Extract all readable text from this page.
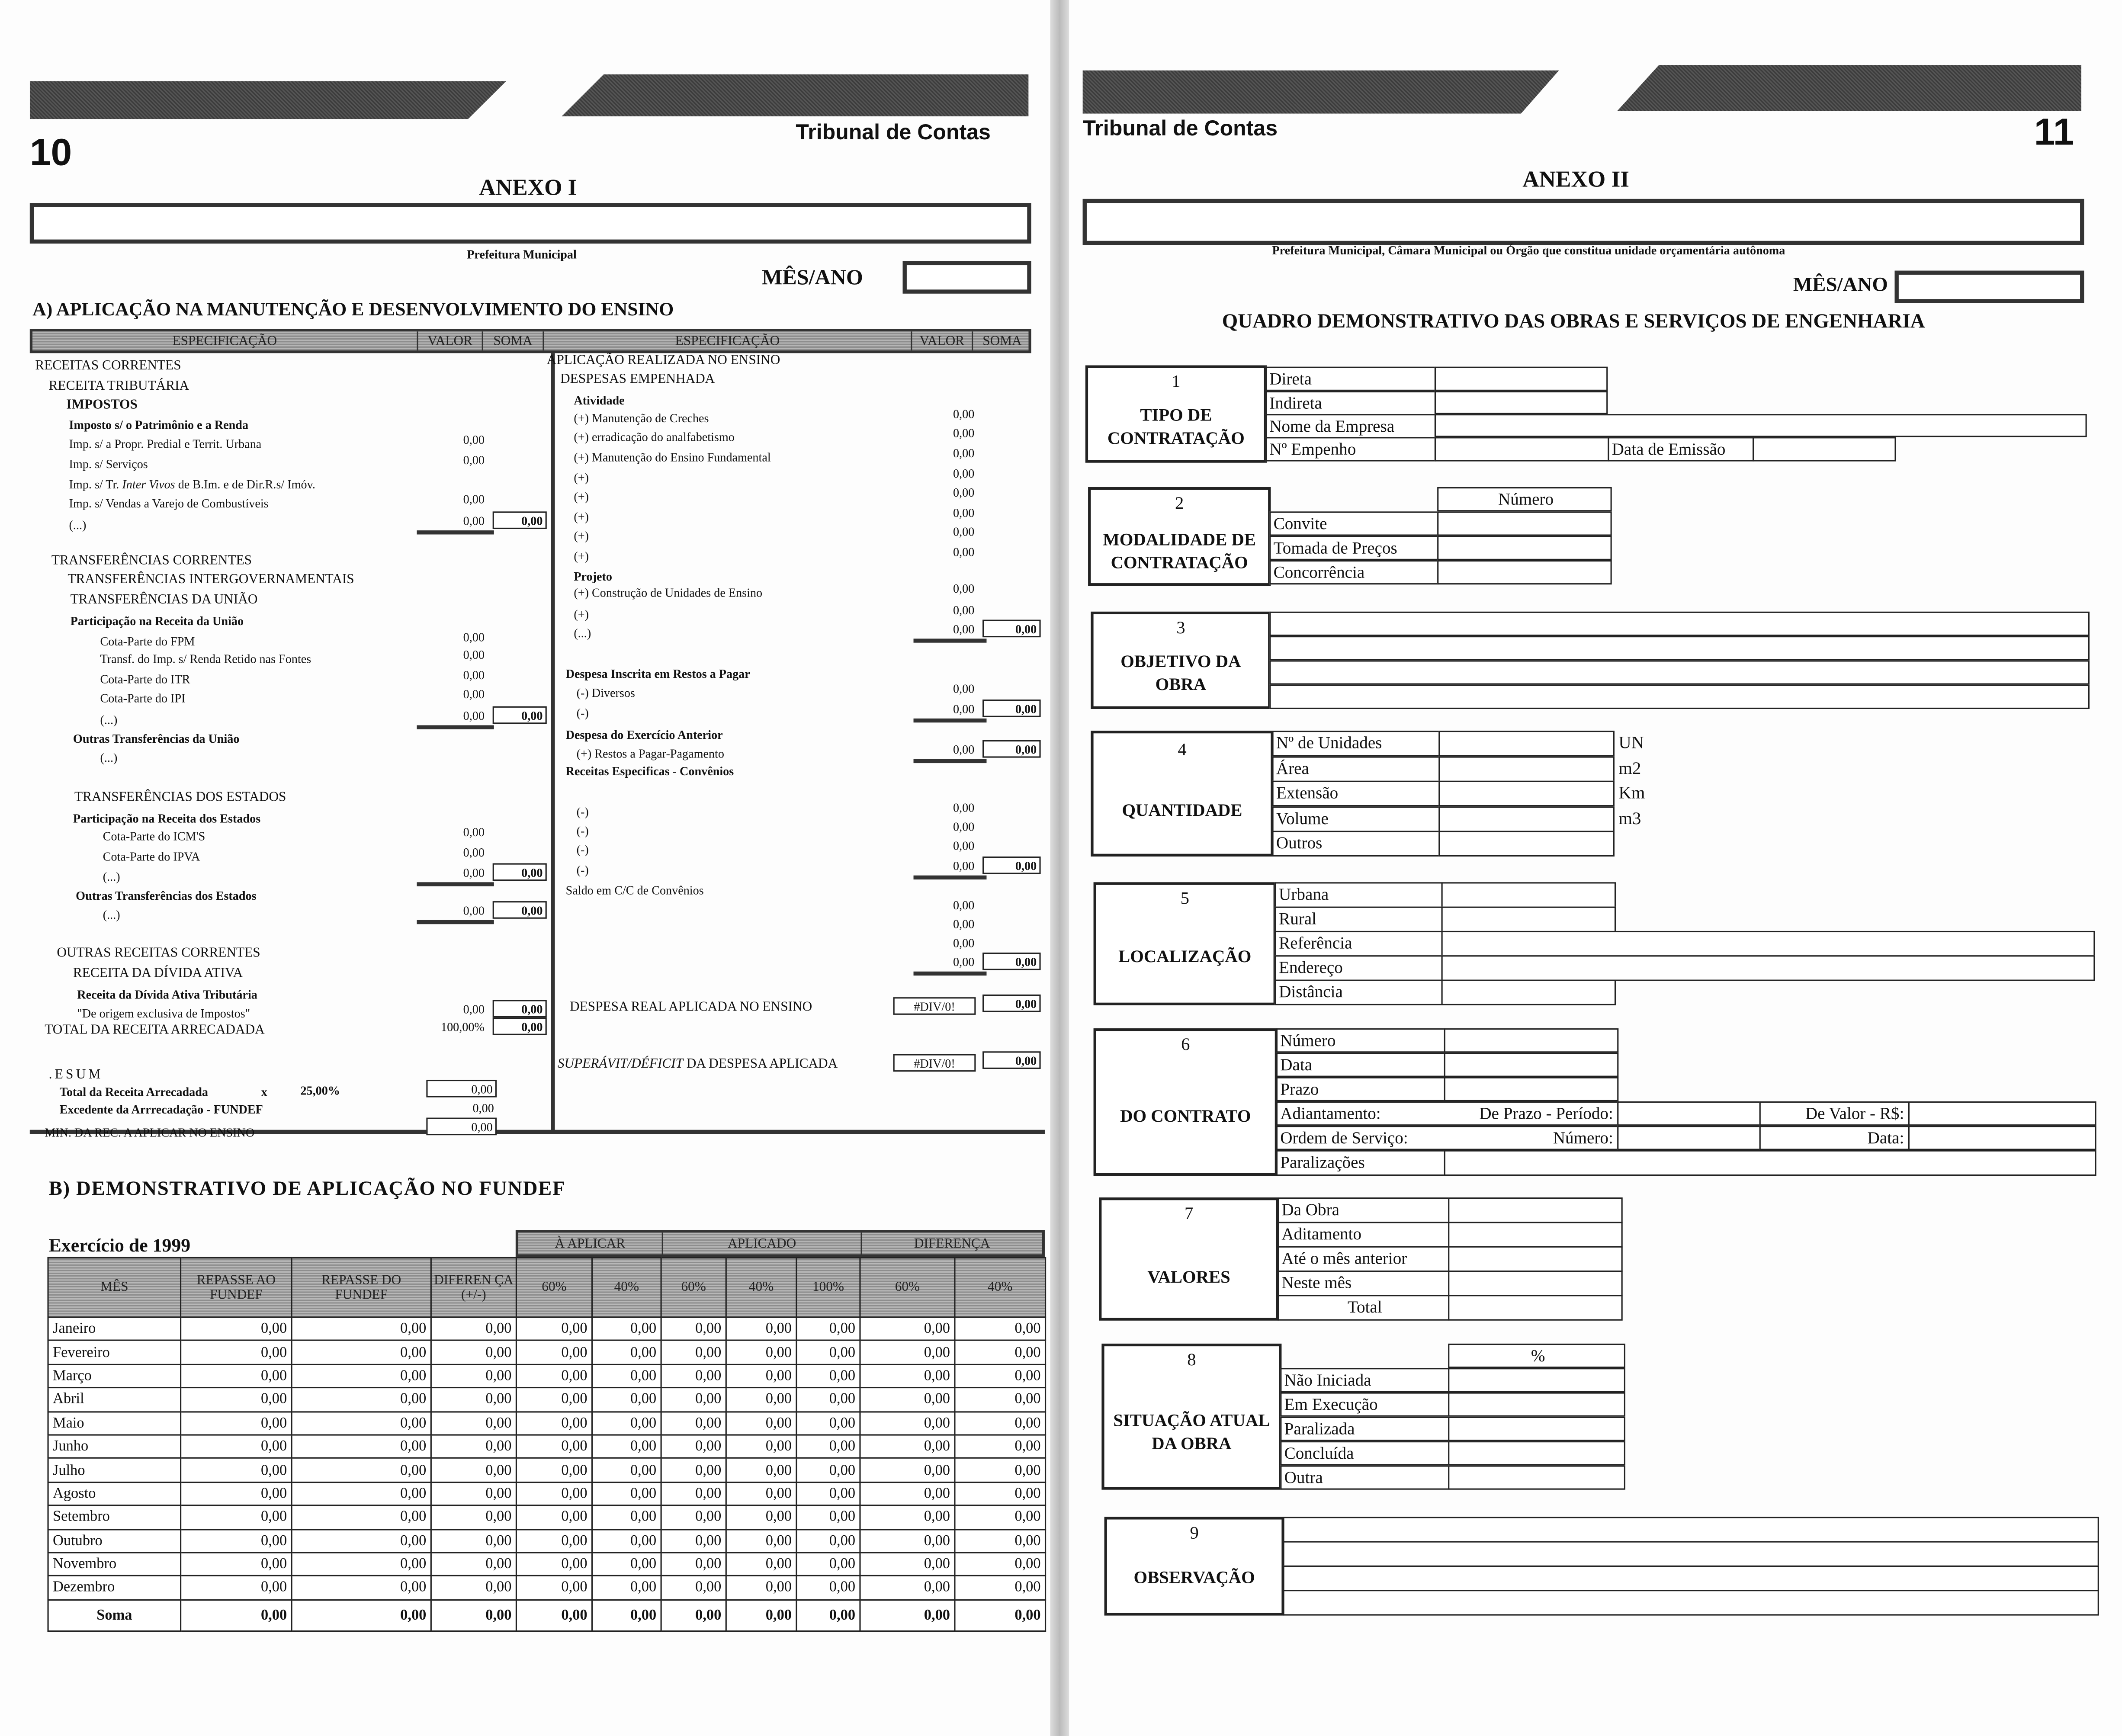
10	Tribunal de Contas
ANEXO I
Prefeitura Municipal
MÊS/ANO
A) APLICAÇÃO NA MANUTENÇÃO E DESENVOLVIMENTO DO ENSINO
ESPECIFICAÇÃO	VALOR	SOMA	ESPECIFICAÇÃO	VALOR	SOMA
RECEITAS CORRENTES
RECEITA TRIBUTÁRIA
IMPOSTOS
Imposto s/ o Patrimônio e a Renda
Imp. s/ a Propr. Predial e Territ. Urbana	0,00
Imp. s/ Serviços	0,00
Imp. s/ Tr. Inter Vivos de B.Im. e de Dir.R.s/ Imóv.
Imp. s/ Vendas a Varejo de Combustíveis	0,00
(...)	0,00	0,00
TRANSFERÊNCIAS CORRENTES
TRANSFERÊNCIAS INTERGOVERNAMENTAIS
TRANSFERÊNCIAS DA UNIÃO
Participação na Receita da União
Cota-Parte do FPM	0,00
Transf. do Imp. s/ Renda Retido nas Fontes	0,00
Cota-Parte do ITR	0,00
Cota-Parte do IPI	0,00
(...)	0,00	0,00
Outras Transferências da União
(...)
TRANSFERÊNCIAS DOS ESTADOS
Participação na Receita dos Estados
Cota-Parte do ICM'S	0,00
Cota-Parte do IPVA	0,00
(...)	0,00	0,00
Outras Transferências dos Estados
(...)	0,00	0,00
OUTRAS RECEITAS CORRENTES
RECEITA DA DÍVIDA ATIVA
Receita da Dívida Ativa Tributária
"De origem exclusiva de Impostos"	0,00	0,00
TOTAL DA RECEITA ARRECADADA	100,00%	0,00
APLICAÇÃO REALIZADA NO ENSINO
DESPESAS EMPENHADA
Atividade
(+) Manutenção de Creches	0,00
(+) erradicação do analfabetismo	0,00
(+) Manutenção do Ensino Fundamental	0,00
(+)	0,00
(+)	0,00
(+)	0,00
(+)	0,00
(+)	0,00
Projeto
(+) Construção de Unidades de Ensino	0,00
(+)	0,00
(...)	0,00	0,00
Despesa Inscrita em Restos a Pagar
(-) Diversos	0,00
(-)	0,00	0,00
Despesa do Exercício Anterior
(+) Restos a Pagar-Pagamento	0,00	0,00
Receitas Especificas - Convênios
(-)	0,00
(-)	0,00
(-)	0,00
(-)	0,00	0,00
Saldo em C/C de Convênios
0,00
0,00
0,00
0,00	0,00
DESPESA REAL APLICADA NO ENSINO	#DIV/0!	0,00
SUPERÁVIT/DÉFICIT DA DESPESA APLICADA	#DIV/0!	0,00
.ESUM
Total da Receita Arrecadada	x	25,00%	0,00
Excedente da Arrrecadação - FUNDEF	0,00
MIN. DA REC. A APLICAR NO ENSINO	0,00
B) DEMONSTRATIVO DE APLICAÇÃO NO FUNDEF
Exercício de 1999	À APLICAR	APLICADO	DIFERENÇA
MÊS	REPASSE AO FUNDEF	REPASSE DO FUNDEF	DIFEREN ÇA (+/-)	60%	40%	60%	40%	100%	60%	40%
Janeiro	0,00	0,00	0,00	0,00	0,00	0,00	0,00	0,00	0,00	0,00
Fevereiro	0,00	0,00	0,00	0,00	0,00	0,00	0,00	0,00	0,00	0,00
Março	0,00	0,00	0,00	0,00	0,00	0,00	0,00	0,00	0,00	0,00
Abril	0,00	0,00	0,00	0,00	0,00	0,00	0,00	0,00	0,00	0,00
Maio	0,00	0,00	0,00	0,00	0,00	0,00	0,00	0,00	0,00	0,00
Junho	0,00	0,00	0,00	0,00	0,00	0,00	0,00	0,00	0,00	0,00
Julho	0,00	0,00	0,00	0,00	0,00	0,00	0,00	0,00	0,00	0,00
Agosto	0,00	0,00	0,00	0,00	0,00	0,00	0,00	0,00	0,00	0,00
Setembro	0,00	0,00	0,00	0,00	0,00	0,00	0,00	0,00	0,00	0,00
Outubro	0,00	0,00	0,00	0,00	0,00	0,00	0,00	0,00	0,00	0,00
Novembro	0,00	0,00	0,00	0,00	0,00	0,00	0,00	0,00	0,00	0,00
Dezembro	0,00	0,00	0,00	0,00	0,00	0,00	0,00	0,00	0,00	0,00
Soma	0,00	0,00	0,00	0,00	0,00	0,00	0,00	0,00	0,00	0,00
Tribunal de Contas	11
ANEXO II
Prefeitura Municipal, Câmara Municipal ou Órgão que constitua unidade orçamentária autônoma
MÊS/ANO
QUADRO DEMONSTRATIVO DAS OBRAS E SERVIÇOS DE ENGENHARIA
1
TIPO DE CONTRATAÇÃO
Direta
Indireta
Nome da Empresa
Nº Empenho	Data de Emissão
2
MODALIDADE DE CONTRATAÇÃO
Número
Convite
Tomada de Preços
Concorrência
3
OBJETIVO DA OBRA
4
QUANTIDADE
Nº de Unidades
Área
Extensão
Volume
Outros
UN
m2
Km
m3
5
LOCALIZAÇÃO
Urbana
Rural
Referência
Endereço
Distância
6
DO CONTRATO
Número
Data
Prazo
Adiantamento:	De Prazo - Período:	De Valor - R$:
Ordem de Serviço:	Número:	Data:
Paralizações
7
VALORES
Da Obra
Aditamento
Até o mês anterior
Neste mês
Total
8
SITUAÇÃO ATUAL DA OBRA
%
Não Iniciada
Em Execução
Paralizada
Concluída
Outra
9
OBSERVAÇÃO
